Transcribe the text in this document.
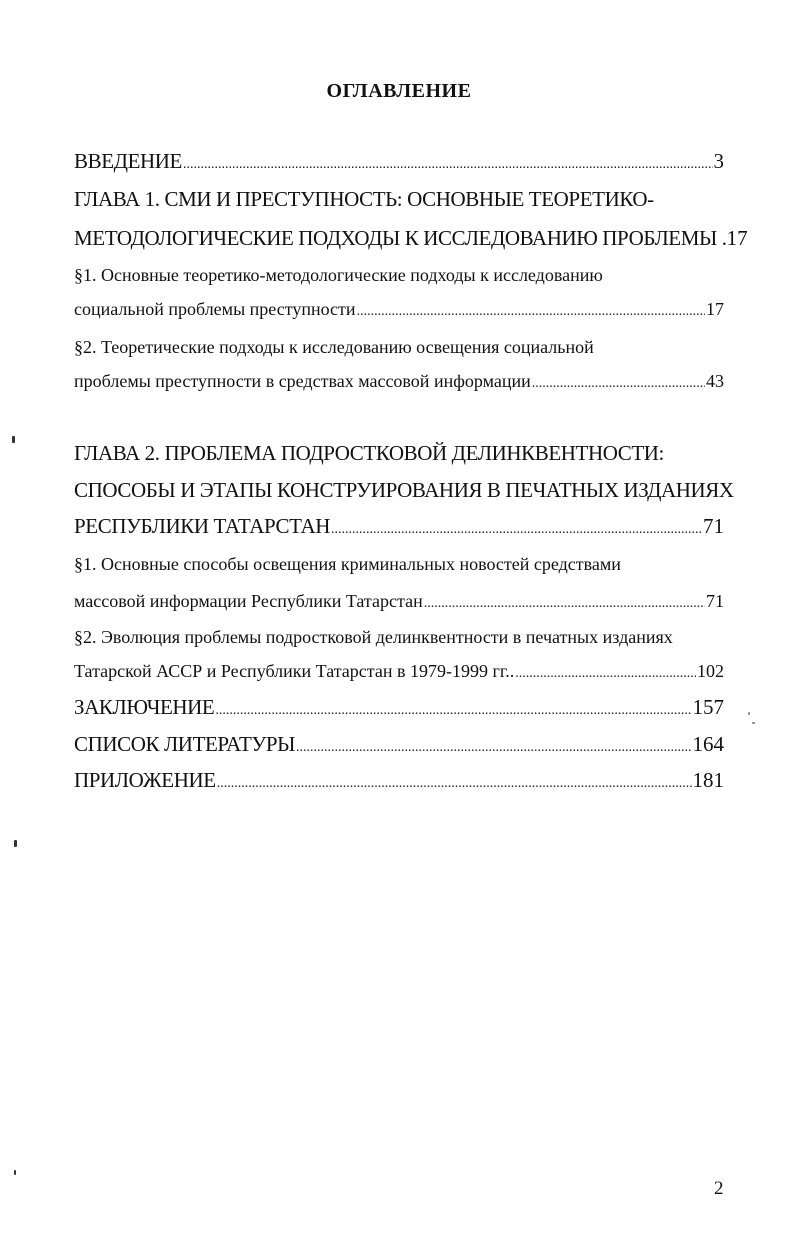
ОГЛАВЛЕНИЕ
ВВЕДЕНИЕ .....	3
ГЛАВА 1. СМИ И ПРЕСТУПНОСТЬ: ОСНОВНЫЕ ТЕОРЕТИКО-
МЕТОДОЛОГИЧЕСКИЕ ПОДХОДЫ К ИССЛЕДОВАНИЮ ПРОБЛЕМЫ . 17
§1. Основные теоретико-методологические подходы к исследованию
социальной проблемы преступности .....	17
§2. Теоретические подходы к исследованию освещения социальной
проблемы преступности в средствах массовой информации .....	43
ГЛАВА 2. ПРОБЛЕМА ПОДРОСТКОВОЙ ДЕЛИНКВЕНТНОСТИ:
СПОСОБЫ И ЭТАПЫ КОНСТРУИРОВАНИЯ В ПЕЧАТНЫХ ИЗДАНИЯХ
РЕСПУБЛИКИ ТАТАРСТАН .....	71
§1. Основные способы освещения криминальных новостей средствами
массовой информации Республики Татарстан .....	71
§2. Эволюция проблемы подростковой делинквентности в печатных изданиях
Татарской АССР и Республики Татарстан в 1979-1999 гг.. .....	102
ЗАКЛЮЧЕНИЕ .....	157
СПИСОК ЛИТЕРАТУРЫ .....	164
ПРИЛОЖЕНИЕ .....	181
2
